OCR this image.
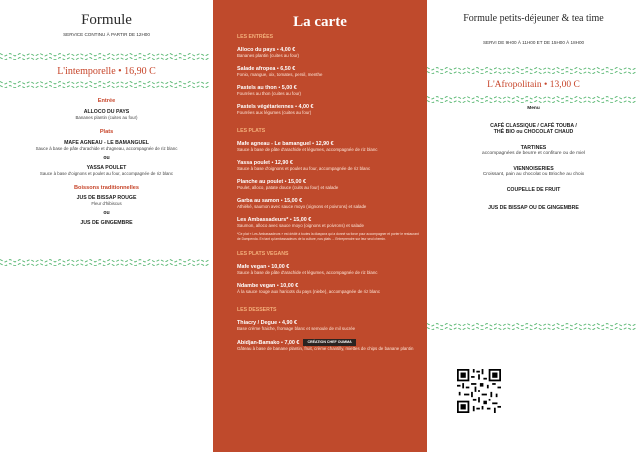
Formule
SERVICE CONTINU À PARTIR DE 12H00
L'intemporelle • 16,90 C
Entrée
ALLOCO DU PAYS
Bananes plantin (cuites au four)
Plats
MAFE AGNEAU - LE BAMANGUEL
Sauce à base de pâte d'arachide et d'agneau, accompagnée de riz blanc
ou
YASSA POULET
Sauce à base d'oignons et poulet au four, accompagnée de riz blanc
Boissons traditionnelles
JUS DE BISSAP ROUGE
Fleur d'hibiscus
ou
JUS DE GINGEMBRE
La carte
LES ENTRÉES
Alloco du pays • 4,00 €
Bananes plantin (cuites au four)
Salade afropea • 6,50 €
Fonio, mangue, oix, tomates, persil, menthe
Pastels au thon • 5,00 €
Fourrées au thon (cuites au four)
Pastels végétariennes • 4,00 €
Fourrées aux légumes (cuites au four)
LES PLATS
Mafe agneau - Le bamanguel • 12,90 €
Sauce à base de pâte d'arachide et légumes, accompagnée de riz blanc
Yassa poulet • 12,90 €
Sauce à base d'oignons et poulet au four, accompagnée de riz blanc
Planche au poulet • 15,00 €
Poulet, alloco, patate douce (cuits au four) et salade
Garba au samon • 15,00 €
Athiéké, saumon avec sauce moyo (oignons et poivrons) et salade
Les Ambassadeurs* • 15,00 €
Saumon, alloco avec sauce moyo (oignons et poivrons) et salade
*Ce plat « Les Ambassadeurs » est dédié à toutes la diaspora qui a donné sa force pour accompagner et porter le restaurant de Dampenda. En tant qu'ambassadeurs de la culture, nos plats ... Entreprendre sur leur seul chemin.
LES PLATS VEGANS
Mafe vegan • 10,00 €
Sauce à base de pâte d'arachide et légumes, accompagnée de riz blanc
Ndambe vegan • 10,00 €
À la sauce rouge aux haricots du pays (niebe), accompagnée de riz blanc
LES DESSERTS
Thiacry / Degue • 4,90 €
Base crème fraiche, fromage blanc et semoule de mil sucrée
Abidjan-Bamako • 7,00 € CRÉATION CHEF OUMMA
Gâteau à base de banane plantin, fruit, crème chantilly, miettes de chips de banane plantin
Formule petits-déjeuner & tea time
SERVI DE 9H00 À 11H00 ET DE 15H00 À 18H00
L'Afropolitain • 13,00 C
Menu
CAFÉ CLASSIQUE / CAFÉ TOUBA /
THÉ BIO ou CHOCOLAT CHAUD
TARTINES
accompagnées de beurre et confiture ou de miel
VIENNOISERIES
Croissant, pain au chocolat ou Brioche au choix
COUPELLE DE FRUIT
JUS DE BISSAP OU DE GINGEMBRE
